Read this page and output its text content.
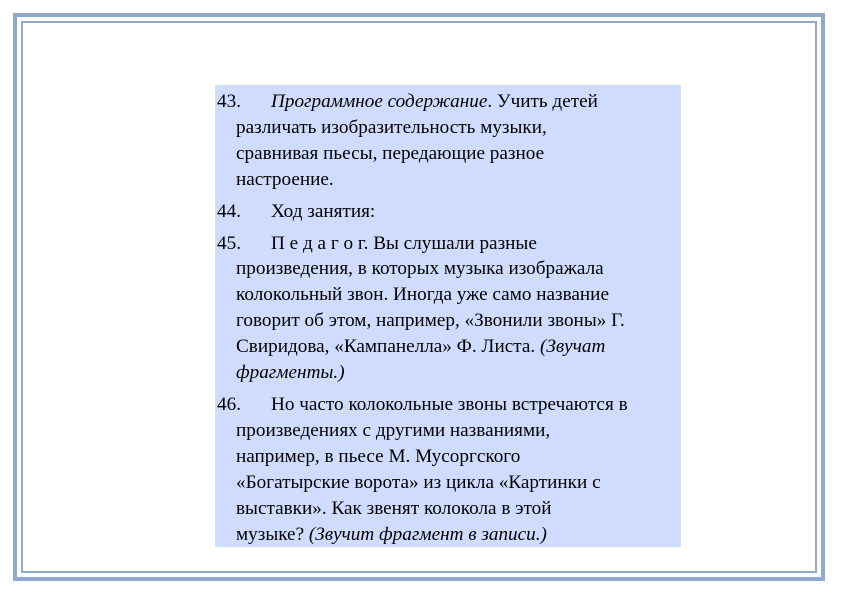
43. Программное содержание. Учить детей
различать изобразительность музыки,
сравнивая пьесы, передающие разное
настроение.
44. Ход занятия:
45. П е д а г о г. Вы слушали разные
произведения, в которых музыка изображала
колокольный звон. Иногда уже само название
говорит об этом, например, «Звонили звоны» Г.
Свиридова, «Кампанелла» Ф. Листа. (Звучат
фрагменты.)
46. Но часто колокольные звоны встречаются в
произведениях с другими названиями,
например, в пьесе М. Мусоргского
«Богатырские ворота» из цикла «Картинки с
выставки». Как звенят колокола в этой
музыке? (Звучит фрагмент в записи.)
